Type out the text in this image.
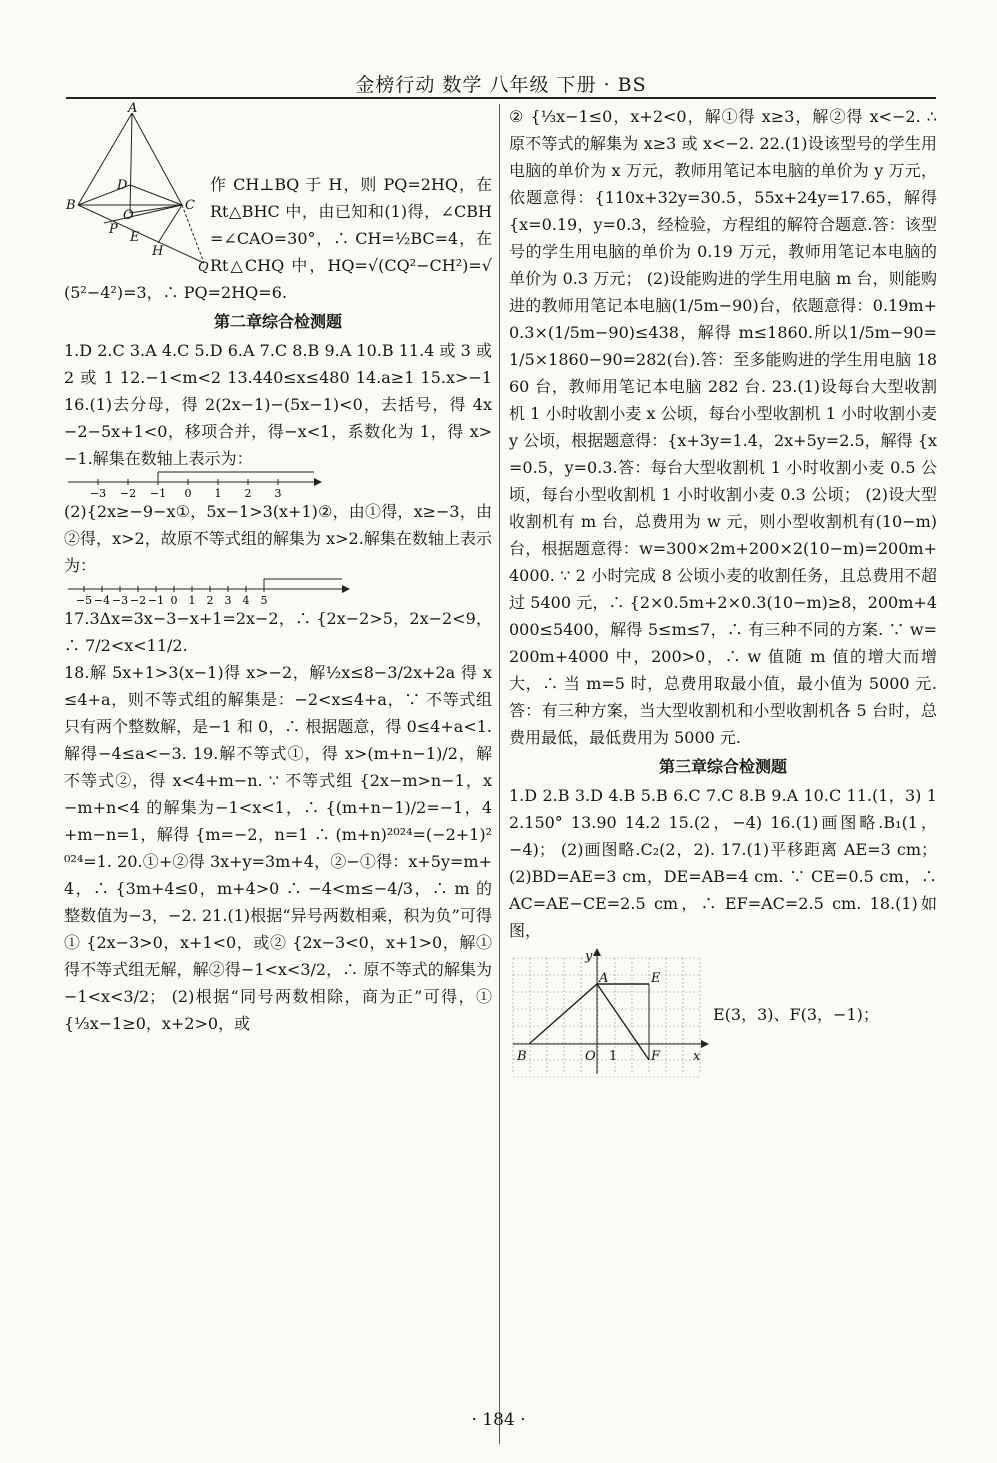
金榜行动 数学 八年级 下册 · BS
A
B	C
D
O
P
E
H
Q

作 CH⊥BQ 于 H，则 PQ=2HQ，在 Rt△BHC 中，由已知和(1)得，∠CBH=∠CAO=30°，∴ CH=½BC=4，在 Rt△CHQ 中，HQ=√(CQ²−CH²)=√(5²−4²)=3，∴ PQ=2HQ=6.

第二章综合检测题

1.D 2.C 3.A 4.C 5.D 6.A 7.C 8.B 9.A 10.B 11.4 或 3 或 2 或 1 12.−1<m<2 13.440≤x≤480 14.a≥1 15.x>−1 16.(1)去分母，得 2(2x−1)−(5x−1)<0，去括号，得 4x−2−5x+1<0，移项合并，得−x<1，系数化为 1，得 x>−1.解集在数轴上表示为：

−3 −2 −1 0 1 2 3

(2){2x≥−9−x①，5x−1>3(x+1)②，由①得，x≥−3，由②得，x>2，故原不等式组的解集为 x>2.解集在数轴上表示为：

−5 −4 −3 −2 −1 0 1 2 3 4 5

17.3Δx=3x−3−x+1=2x−2，∴ {2x−2>5，2x−2<9，∴ 7/2<x<11/2.

18.解 5x+1>3(x−1)得 x>−2，解½x≤8−3/2x+2a 得 x≤4+a，则不等式组的解集是：−2<x≤4+a，∵ 不等式组只有两个整数解，是−1 和 0，∴ 根据题意，得 0≤4+a<1.解得−4≤a<−3. 19.解不等式①，得 x>(m+n−1)/2，解不等式②，得 x<4+m−n. ∵ 不等式组 {2x−m>n−1，x−m+n<4 的解集为−1<x<1，∴ {(m+n−1)/2=−1，4+m−n=1，解得 {m=−2，n=1 ∴ (m+n)²⁰²⁴=(−2+1)²⁰²⁴=1. 20.①+②得 3x+y=3m+4，②−①得：x+5y=m+4，∴ {3m+4≤0，m+4>0 ∴ −4<m≤−4/3，∴ m 的整数值为−3，−2. 21.(1)根据“异号两数相乘，积为负”可得① {2x−3>0，x+1<0，或② {2x−3<0，x+1>0，解①得不等式组无解，解②得−1<x<3/2，∴ 原不等式的解集为−1<x<3/2； (2)根据“同号两数相除，商为正”可得，① {⅓x−1≥0，x+2>0，或

② {⅓x−1≤0，x+2<0，解①得 x≥3，解②得 x<−2. ∴ 原不等式的解集为 x≥3 或 x<−2. 22.(1)设该型号的学生用电脑的单价为 x 万元，教师用笔记本电脑的单价为 y 万元，依题意得：{110x+32y=30.5，55x+24y=17.65，解得 {x=0.19，y=0.3，经检验，方程组的解符合题意.答：该型号的学生用电脑的单价为 0.19 万元，教师用笔记本电脑的单价为 0.3 万元； (2)设能购进的学生用电脑 m 台，则能购进的教师用笔记本电脑(1/5m−90)台，依题意得：0.19m+0.3×(1/5m−90)≤438，解得 m≤1860.所以1/5m−90=1/5×1860−90=282(台).答：至多能购进的学生用电脑 1860 台，教师用笔记本电脑 282 台. 23.(1)设每台大型收割机 1 小时收割小麦 x 公顷，每台小型收割机 1 小时收割小麦 y 公顷，根据题意得：{x+3y=1.4，2x+5y=2.5，解得 {x=0.5，y=0.3.答：每台大型收割机 1 小时收割小麦 0.5 公顷，每台小型收割机 1 小时收割小麦 0.3 公顷； (2)设大型收割机有 m 台，总费用为 w 元，则小型收割机有(10−m)台，根据题意得：w=300×2m+200×2(10−m)=200m+4000. ∵ 2 小时完成 8 公顷小麦的收割任务，且总费用不超过 5400 元，∴ {2×0.5m+2×0.3(10−m)≥8，200m+4000≤5400，解得 5≤m≤7，∴ 有三种不同的方案. ∵ w=200m+4000 中，200>0，∴ w 值随 m 值的增大而增大，∴ 当 m=5 时，总费用取最小值，最小值为 5000 元.答：有三种方案，当大型收割机和小型收割机各 5 台时，总费用最低，最低费用为 5000 元.

第三章综合检测题

1.D 2.B 3.D 4.B 5.B 6.C 7.C 8.B 9.A 10.C 11.(1，3) 12.150° 13.90 14.2 15.(2，−4) 16.(1)画图略.B₁(1，−4)； (2)画图略.C₂(2，2). 17.(1)平移距离 AE=3 cm； (2)BD=AE=3 cm，DE=AB=4 cm. ∵ CE=0.5 cm，∴ AC=AE−CE=2.5 cm，∴ EF=AC=2.5 cm. 18.(1)如图，

y
A	E
B	O 1	F	x
E(3，3)、F(3，−1)；
· 184 ·
